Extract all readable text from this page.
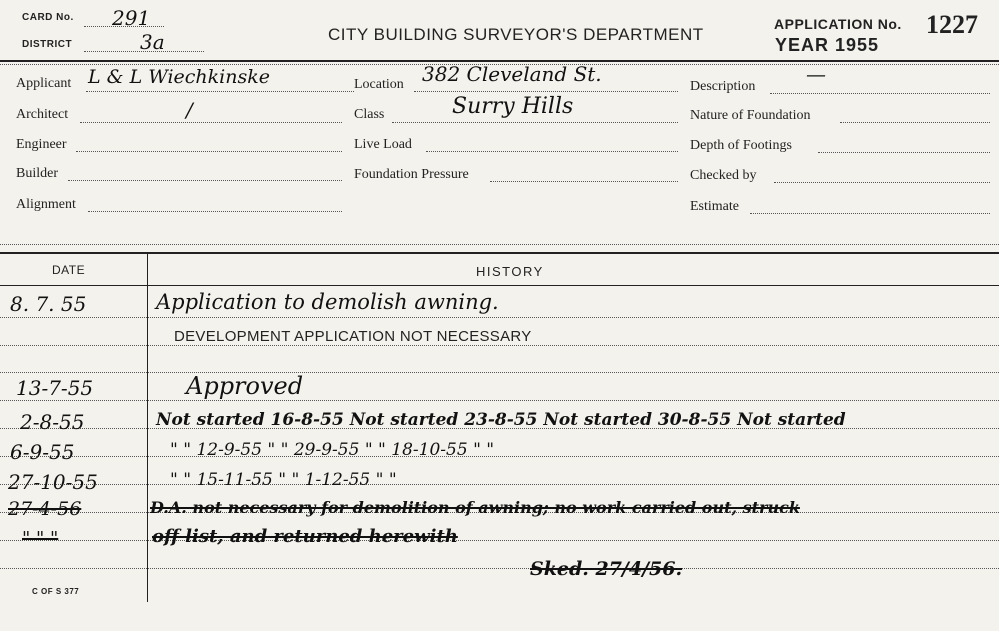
CARD No. 291
DISTRICT	3a	CITY BUILDING SURVEYOR'S DEPARTMENT
APPLICATION No. 1227
YEAR 1955
Applicant L & L Wiechkinske
Architect	/
Engineer
Builder
Alignment
Location 382 Cleveland St.
Class	Surry Hills
Live Load
Foundation Pressure
Description
—
Nature of Foundation
Depth of Footings
Checked by
Estimate
DATE	HISTORY
8. 7. 55	Application to demolish awning.
DEVELOPMENT APPLICATION NOT NECESSARY
13-7-55	Approved
2-8-55	Not started 16-8-55 Not started 23-8-55 Not started 30-8-55 Not started
6-9-55	" " 12-9-55 " " 29-9-55 " " 18-10-55 " "
27-10-55	" " 15-11-55 " " 1-12-55 " "
27-4-56	D.A. not necessary for demolition of awning; no work carried out, struck
" " "	off list, and returned herewith
Sked. 27/4/56.
C OF S 377
